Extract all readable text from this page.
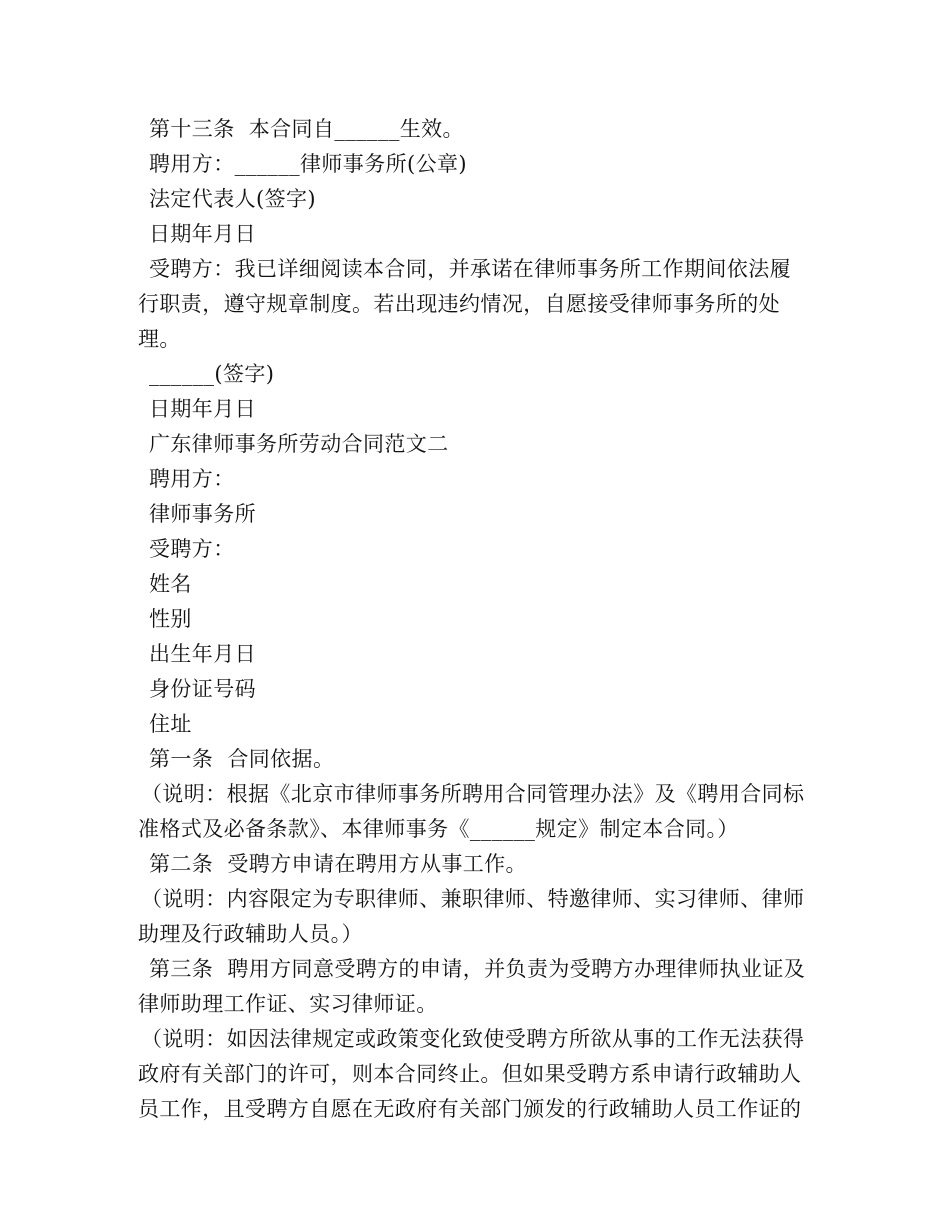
第十三条  本合同自______生效。

聘用方：______律师事务所(公章)

法定代表人(签字)

日期年月日

受聘方：我已详细阅读本合同，并承诺在律师事务所工作期间依法履

行职责，遵守规章制度。若出现违约情况，自愿接受律师事务所的处理。

______(签字)

日期年月日

广东律师事务所劳动合同范文二

聘用方：

律师事务所

受聘方：

姓名

性别

出生年月日

身份证号码

住址

第一条  合同依据。

（说明：根据《北京市律师事务所聘用合同管理办法》及《聘用合同标

准格式及必备条款》、本律师事务《______规定》制定本合同。）

第二条  受聘方申请在聘用方从事工作。

（说明：内容限定为专职律师、兼职律师、特邀律师、实习律师、律师

助理及行政辅助人员。）

第三条  聘用方同意受聘方的申请，并负责为受聘方办理律师执业证及

律师助理工作证、实习律师证。

（说明：如因法律规定或政策变化致使受聘方所欲从事的工作无法获得

政府有关部门的许可，则本合同终止。但如果受聘方系申请行政辅助人

员工作，且受聘方自愿在无政府有关部门颁发的行政辅助人员工作证的
